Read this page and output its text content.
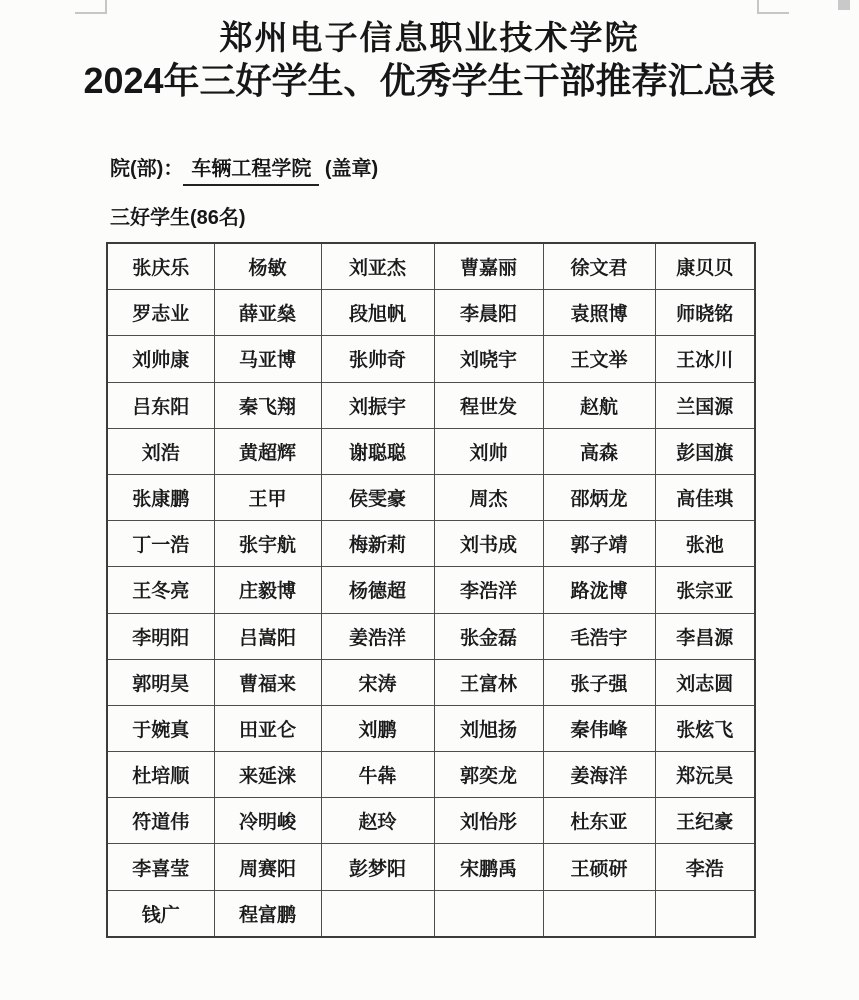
郑州电子信息职业技术学院
2024年三好学生、优秀学生干部推荐汇总表
院(部)： 车辆工程学院 (盖章)
三好学生(86名)
张庆乐	杨敏	刘亚杰	曹嘉丽	徐文君	康贝贝
罗志业	薛亚燊	段旭帆	李晨阳	袁照博	师晓铭
刘帅康	马亚博	张帅奇	刘哓宇	王文举	王冰川
吕东阳	秦飞翔	刘振宇	程世发	赵航	兰国源
刘浩	黄超辉	谢聪聪	刘帅	高森	彭国旗
张康鹏	王甲	侯雯豪	周杰	邵炳龙	高佳琪
丁一浩	张宇航	梅新莉	刘书成	郭子靖	张池
王冬亮	庄毅博	杨德超	李浩洋	路泷博	张宗亚
李明阳	吕嵩阳	姜浩洋	张金磊	毛浩宇	李昌源
郭明昊	曹福来	宋涛	王富林	张子强	刘志圆
于婉真	田亚仑	刘鹏	刘旭扬	秦伟峰	张炫飞
杜培顺	来延涞	牛犇	郭奕龙	姜海洋	郑沅昊
符道伟	冷明峻	赵玲	刘怡彤	杜东亚	王纪豪
李喜莹	周赛阳	彭梦阳	宋鹏禹	王硕研	李浩
钱广	程富鹏				
